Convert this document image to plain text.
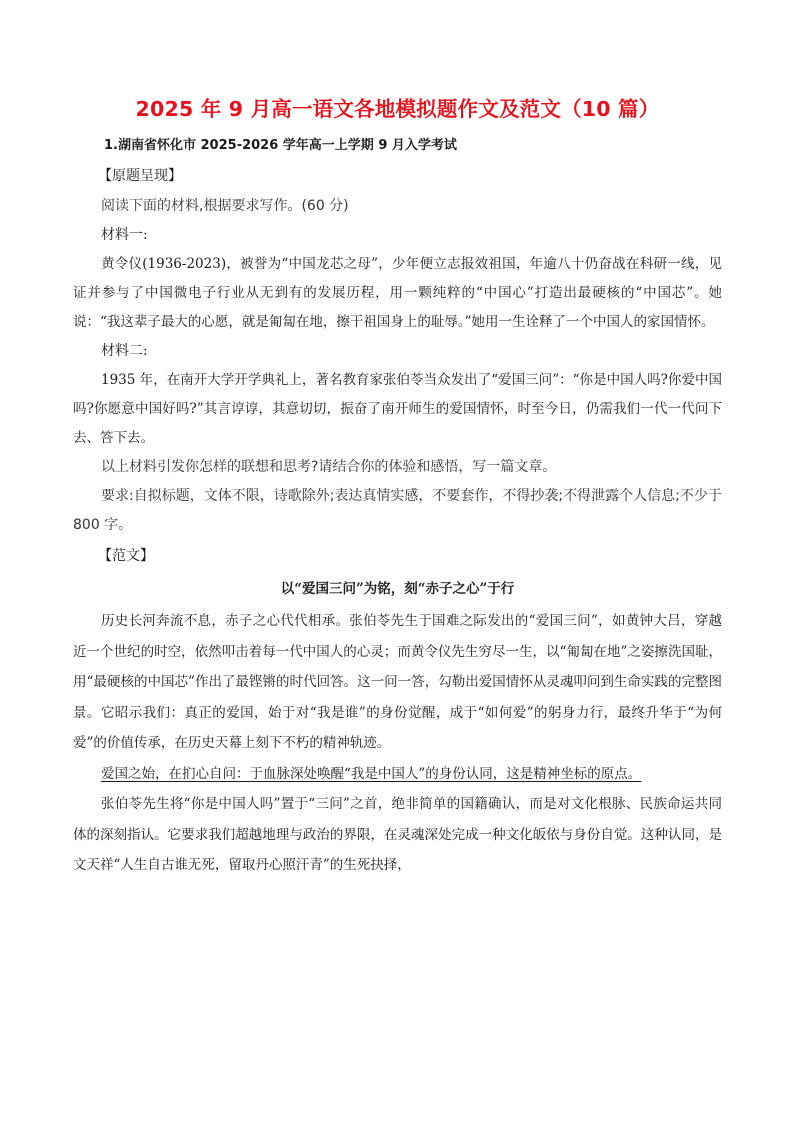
2025 年 9 月高一语文各地模拟题作文及范文（10 篇）

1.湖南省怀化市 2025-2026 学年高一上学期 9 月入学考试

【原题呈现】

阅读下面的材料,根据要求写作。(60 分)

材料一:

黄令仪(1936-2023)，被誉为“中国龙芯之母”，少年便立志报效祖国，年逾八十仍奋战在科研一线，见证并参与了中国微电子行业从无到有的发展历程，用一颗纯粹的“中国心”打造出最硬核的“中国芯”。她说：“我这辈子最大的心愿，就是匍匐在地，擦干祖国身上的耻辱。”她用一生诠释了一个中国人的家国情怀。

材料二:

1935 年，在南开大学开学典礼上，著名教育家张伯苓当众发出了“爱国三问”：“你是中国人吗?你爱中国吗?你愿意中国好吗?”其言谆谆，其意切切，振奋了南开师生的爱国情怀，时至今日，仍需我们一代一代问下去、答下去。

以上材料引发你怎样的联想和思考?请结合你的体验和感悟，写一篇文章。

要求:自拟标题，文体不限，诗歌除外;表达真情实感，不要套作，不得抄袭;不得泄露个人信息;不少于 800 字。

【范文】

以“爱国三问”为铭，刻“赤子之心”于行

历史长河奔流不息，赤子之心代代相承。张伯苓先生于国难之际发出的“爱国三问”，如黄钟大吕，穿越近一个世纪的时空，依然叩击着每一代中国人的心灵；而黄令仪先生穷尽一生，以“匍匐在地”之姿擦洗国耻，用“最硬核的中国芯”作出了最铿锵的时代回答。这一问一答，勾勒出爱国情怀从灵魂叩问到生命实践的完整图景。它昭示我们：真正的爱国，始于对“我是谁”的身份觉醒，成于“如何爱”的躬身力行，最终升华于“为何爱”的价值传承，在历史天幕上刻下不朽的精神轨迹。

爱国之始，在扪心自问：于血脉深处唤醒“我是中国人”的身份认同，这是精神坐标的原点。

张伯苓先生将“你是中国人吗”置于“三问”之首，绝非简单的国籍确认，而是对文化根脉、民族命运共同体的深刻指认。它要求我们超越地理与政治的界限，在灵魂深处完成一种文化皈依与身份自觉。这种认同，是文天祥“人生自古谁无死，留取丹心照汗青”的生死抉择，
